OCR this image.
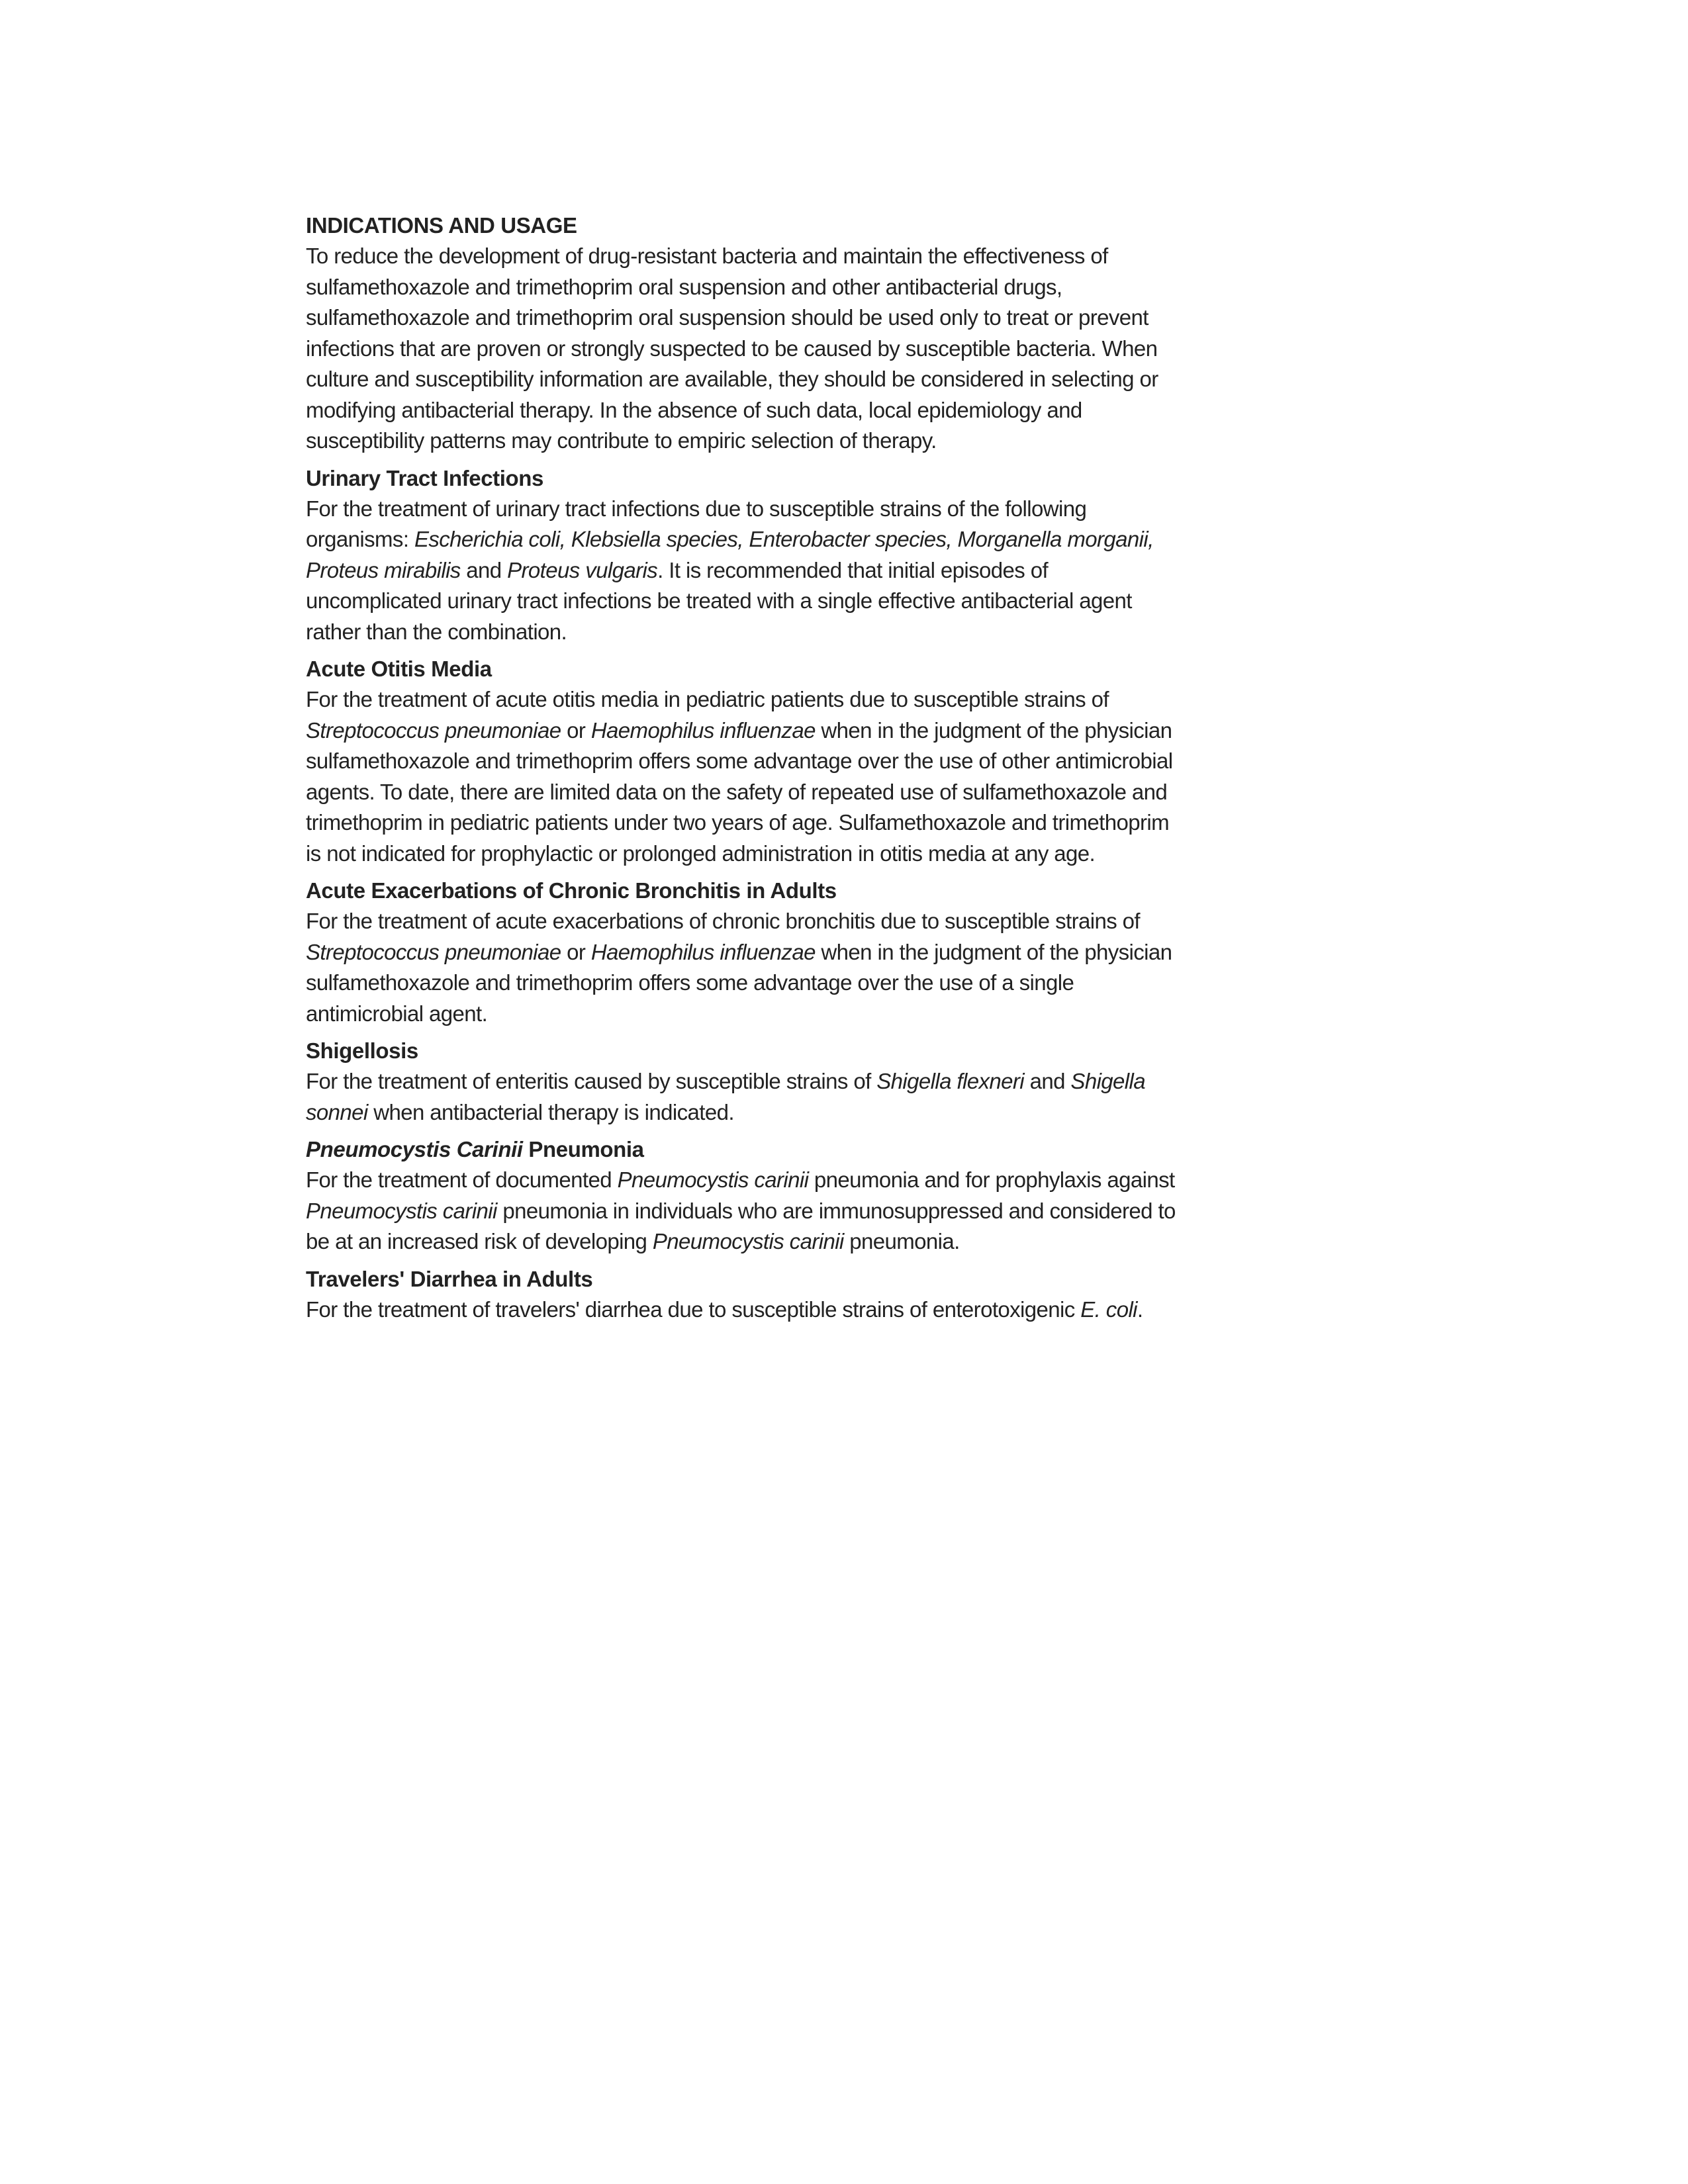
INDICATIONS AND USAGE

To reduce the development of drug-resistant bacteria and maintain the effectiveness of
sulfamethoxazole and trimethoprim oral suspension and other antibacterial drugs,
sulfamethoxazole and trimethoprim oral suspension should be used only to treat or prevent
infections that are proven or strongly suspected to be caused by susceptible bacteria. When
culture and susceptibility information are available, they should be considered in selecting or
modifying antibacterial therapy. In the absence of such data, local epidemiology and
susceptibility patterns may contribute to empiric selection of therapy.

Urinary Tract Infections

For the treatment of urinary tract infections due to susceptible strains of the following
organisms: Escherichia coli, Klebsiella species, Enterobacter species, Morganella morganii,
Proteus mirabilis and Proteus vulgaris. It is recommended that initial episodes of
uncomplicated urinary tract infections be treated with a single effective antibacterial agent
rather than the combination.

Acute Otitis Media

For the treatment of acute otitis media in pediatric patients due to susceptible strains of
Streptococcus pneumoniae or Haemophilus influenzae when in the judgment of the physician
sulfamethoxazole and trimethoprim offers some advantage over the use of other antimicrobial
agents. To date, there are limited data on the safety of repeated use of sulfamethoxazole and
trimethoprim in pediatric patients under two years of age. Sulfamethoxazole and trimethoprim
is not indicated for prophylactic or prolonged administration in otitis media at any age.

Acute Exacerbations of Chronic Bronchitis in Adults

For the treatment of acute exacerbations of chronic bronchitis due to susceptible strains of
Streptococcus pneumoniae or Haemophilus influenzae when in the judgment of the physician
sulfamethoxazole and trimethoprim offers some advantage over the use of a single
antimicrobial agent.

Shigellosis

For the treatment of enteritis caused by susceptible strains of Shigella flexneri and Shigella
sonnei when antibacterial therapy is indicated.

Pneumocystis Carinii Pneumonia

For the treatment of documented Pneumocystis carinii pneumonia and for prophylaxis against
Pneumocystis carinii pneumonia in individuals who are immunosuppressed and considered to
be at an increased risk of developing Pneumocystis carinii pneumonia.

Travelers' Diarrhea in Adults

For the treatment of travelers' diarrhea due to susceptible strains of enterotoxigenic E. coli.
